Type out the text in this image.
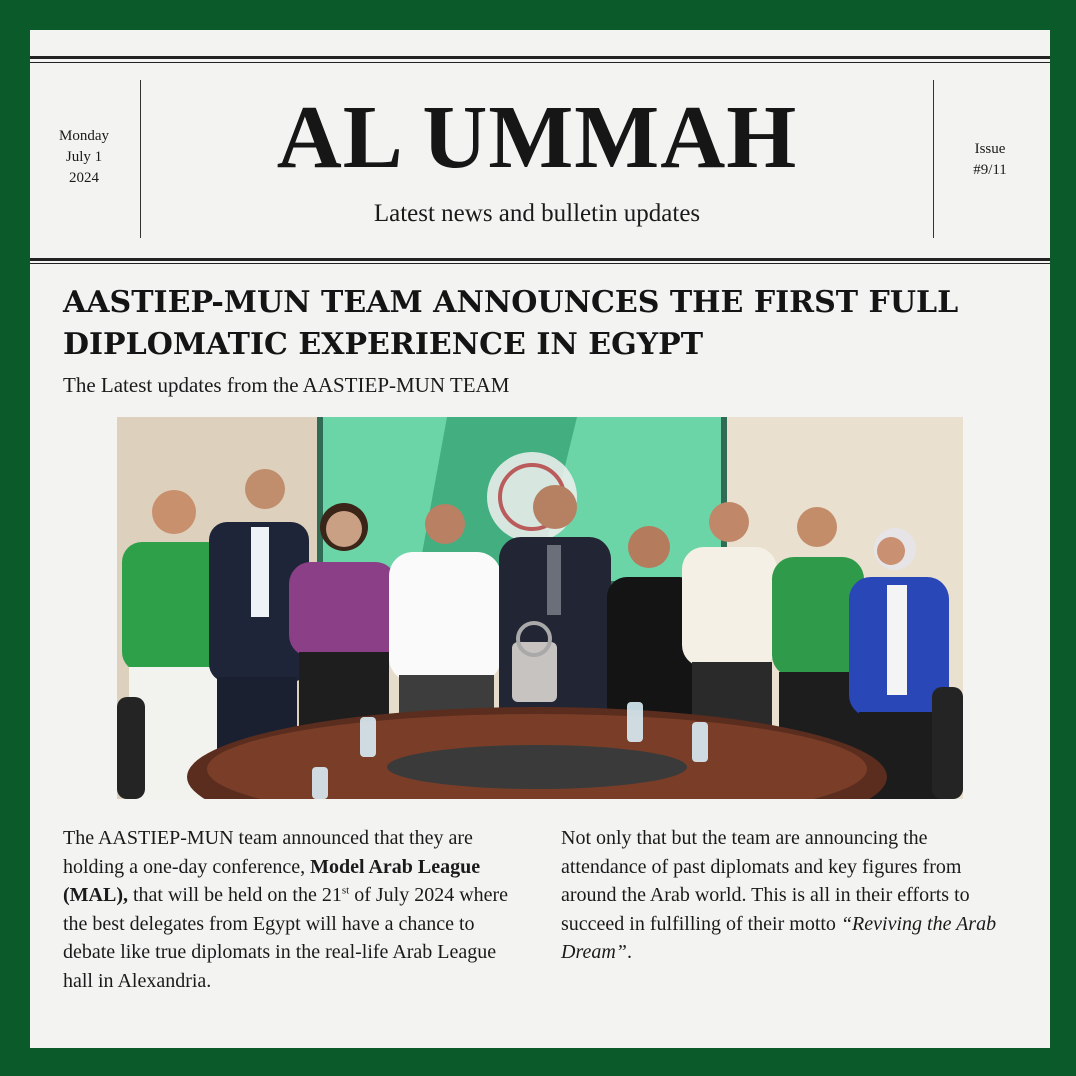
Monday
July 1
2024	AL UMMAH
Latest news and bulletin updates
Issue
#9/11
AASTIEP-MUN TEAM ANNOUNCES THE FIRST FULL
DIPLOMATIC EXPERIENCE IN EGYPT
The Latest updates from the AASTIEP-MUN TEAM
The AASTIEP-MUN team announced that they are holding a one-day conference, Model Arab League (MAL), that will be held on the 21st of July 2024 where the best delegates from Egypt will have a chance to debate like true diplomats in the real-life Arab League hall in Alexandria.
Not only that but the team are announcing the attendance of past diplomats and key figures from around the Arab world. This is all in their efforts to succeed in fulfilling of their motto “Reviving the Arab Dream”.
